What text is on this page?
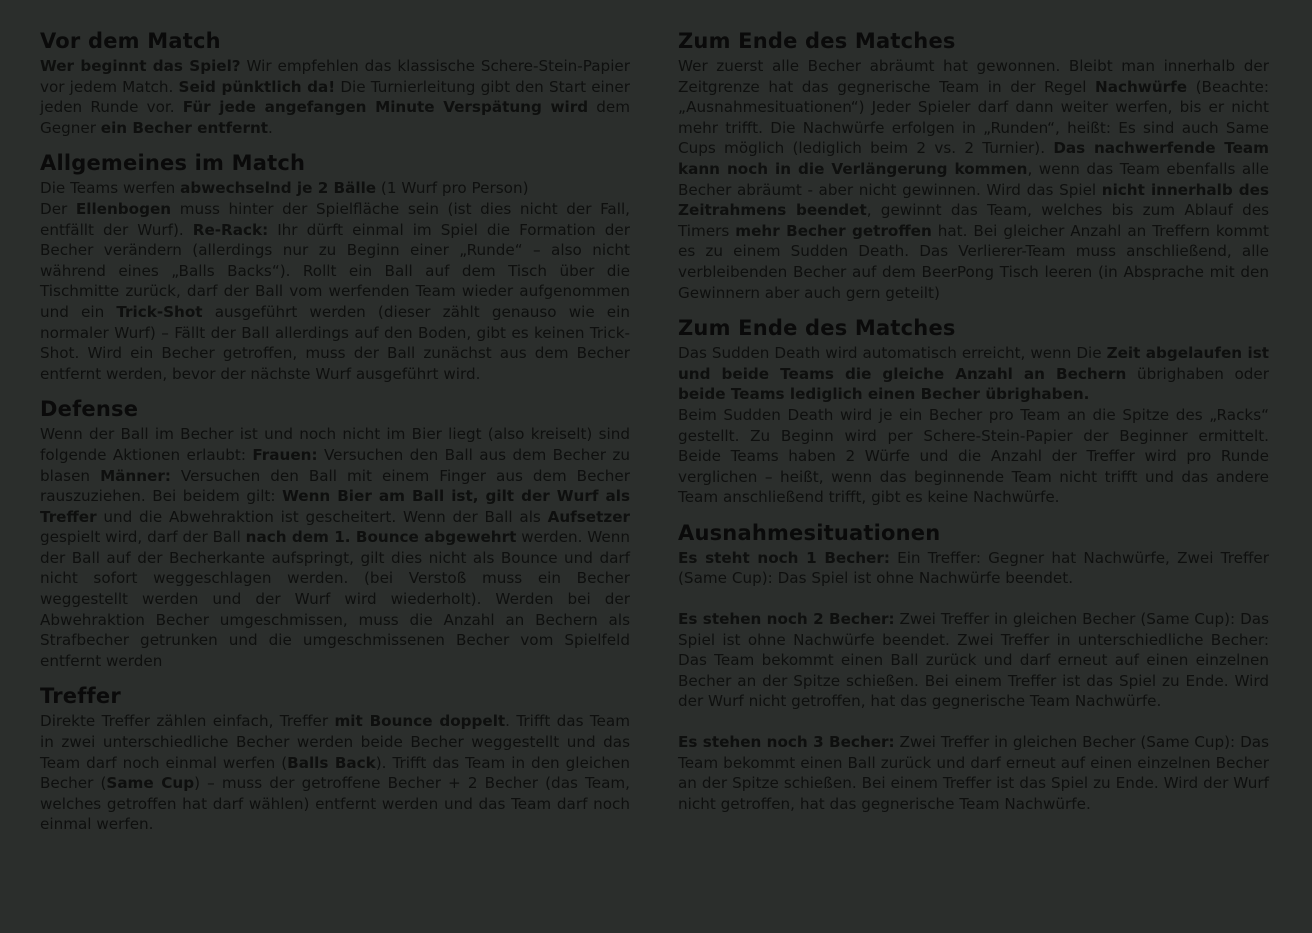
Vor dem Match

Wer beginnt das Spiel? Wir empfehlen das klassische Schere-Stein-Papier vor jedem Match. Seid pünktlich da! Die Turnierleitung gibt den Start einer jeden Runde vor. Für jede angefangen Minute Verspätung wird dem Gegner ein Becher entfernt.

Allgemeines im Match

Die Teams werfen abwechselnd je 2 Bälle (1 Wurf pro Person)

Der Ellenbogen muss hinter der Spielfläche sein (ist dies nicht der Fall, entfällt der Wurf). Re-Rack: Ihr dürft einmal im Spiel die Formation der Becher verändern (allerdings nur zu Beginn einer „Runde“ – also nicht während eines „Balls Backs“). Rollt ein Ball auf dem Tisch über die Tischmitte zurück, darf der Ball vom werfenden Team wieder aufgenommen und ein Trick-Shot ausgeführt werden (dieser zählt genauso wie ein normaler Wurf) – Fällt der Ball allerdings auf den Boden, gibt es keinen Trick-Shot. Wird ein Becher getroffen, muss der Ball zunächst aus dem Becher entfernt werden, bevor der nächste Wurf ausgeführt wird.

Defense

Wenn der Ball im Becher ist und noch nicht im Bier liegt (also kreiselt) sind folgende Aktionen erlaubt: Frauen: Versuchen den Ball aus dem Becher zu blasen Männer: Versuchen den Ball mit einem Finger aus dem Becher rauszuziehen. Bei beidem gilt: Wenn Bier am Ball ist, gilt der Wurf als Treffer und die Abwehraktion ist gescheitert. Wenn der Ball als Aufsetzer gespielt wird, darf der Ball nach dem 1. Bounce abgewehrt werden. Wenn der Ball auf der Becherkante aufspringt, gilt dies nicht als Bounce und darf nicht sofort weggeschlagen werden. (bei Verstoß muss ein Becher weggestellt werden und der Wurf wird wiederholt). Werden bei der Abwehraktion Becher umgeschmissen, muss die Anzahl an Bechern als Strafbecher getrunken und die umgeschmissenen Becher vom Spielfeld entfernt werden

Treffer

Direkte Treffer zählen einfach, Treffer mit Bounce doppelt. Trifft das Team in zwei unterschiedliche Becher werden beide Becher weggestellt und das Team darf noch einmal werfen (Balls Back). Trifft das Team in den gleichen Becher (Same Cup) – muss der getroffene Becher + 2 Becher (das Team, welches getroffen hat darf wählen) entfernt werden und das Team darf noch einmal werfen.

Zum Ende des Matches

Wer zuerst alle Becher abräumt hat gewonnen. Bleibt man innerhalb der Zeitgrenze hat das gegnerische Team in der Regel Nachwürfe (Beachte: „Ausnahmesituationen“) Jeder Spieler darf dann weiter werfen, bis er nicht mehr trifft. Die Nachwürfe erfolgen in „Runden“, heißt: Es sind auch Same Cups möglich (lediglich beim 2 vs. 2 Turnier). Das nachwerfende Team kann noch in die Verlängerung kommen, wenn das Team ebenfalls alle Becher abräumt - aber nicht gewinnen. Wird das Spiel nicht innerhalb des Zeitrahmens beendet, gewinnt das Team, welches bis zum Ablauf des Timers mehr Becher getroffen hat. Bei gleicher Anzahl an Treffern kommt es zu einem Sudden Death. Das Verlierer-Team muss anschließend, alle verbleibenden Becher auf dem BeerPong Tisch leeren (in Absprache mit den Gewinnern aber auch gern geteilt)

Zum Ende des Matches

Das Sudden Death wird automatisch erreicht, wenn Die Zeit abgelaufen ist und beide Teams die gleiche Anzahl an Bechern übrighaben oder beide Teams lediglich einen Becher übrighaben.

Beim Sudden Death wird je ein Becher pro Team an die Spitze des „Racks“ gestellt. Zu Beginn wird per Schere-Stein-Papier der Beginner ermittelt. Beide Teams haben 2 Würfe und die Anzahl der Treffer wird pro Runde verglichen – heißt, wenn das beginnende Team nicht trifft und das andere Team anschließend trifft, gibt es keine Nachwürfe.

Ausnahmesituationen

Es steht noch 1 Becher: Ein Treffer: Gegner hat Nachwürfe, Zwei Treffer (Same Cup): Das Spiel ist ohne Nachwürfe beendet.

Es stehen noch 2 Becher: Zwei Treffer in gleichen Becher (Same Cup): Das Spiel ist ohne Nachwürfe beendet. Zwei Treffer in unterschiedliche Becher: Das Team bekommt einen Ball zurück und darf erneut auf einen einzelnen Becher an der Spitze schießen. Bei einem Treffer ist das Spiel zu Ende. Wird der Wurf nicht getroffen, hat das gegnerische Team Nachwürfe.

Es stehen noch 3 Becher: Zwei Treffer in gleichen Becher (Same Cup): Das Team bekommt einen Ball zurück und darf erneut auf einen einzelnen Becher an der Spitze schießen. Bei einem Treffer ist das Spiel zu Ende. Wird der Wurf nicht getroffen, hat das gegnerische Team Nachwürfe.
